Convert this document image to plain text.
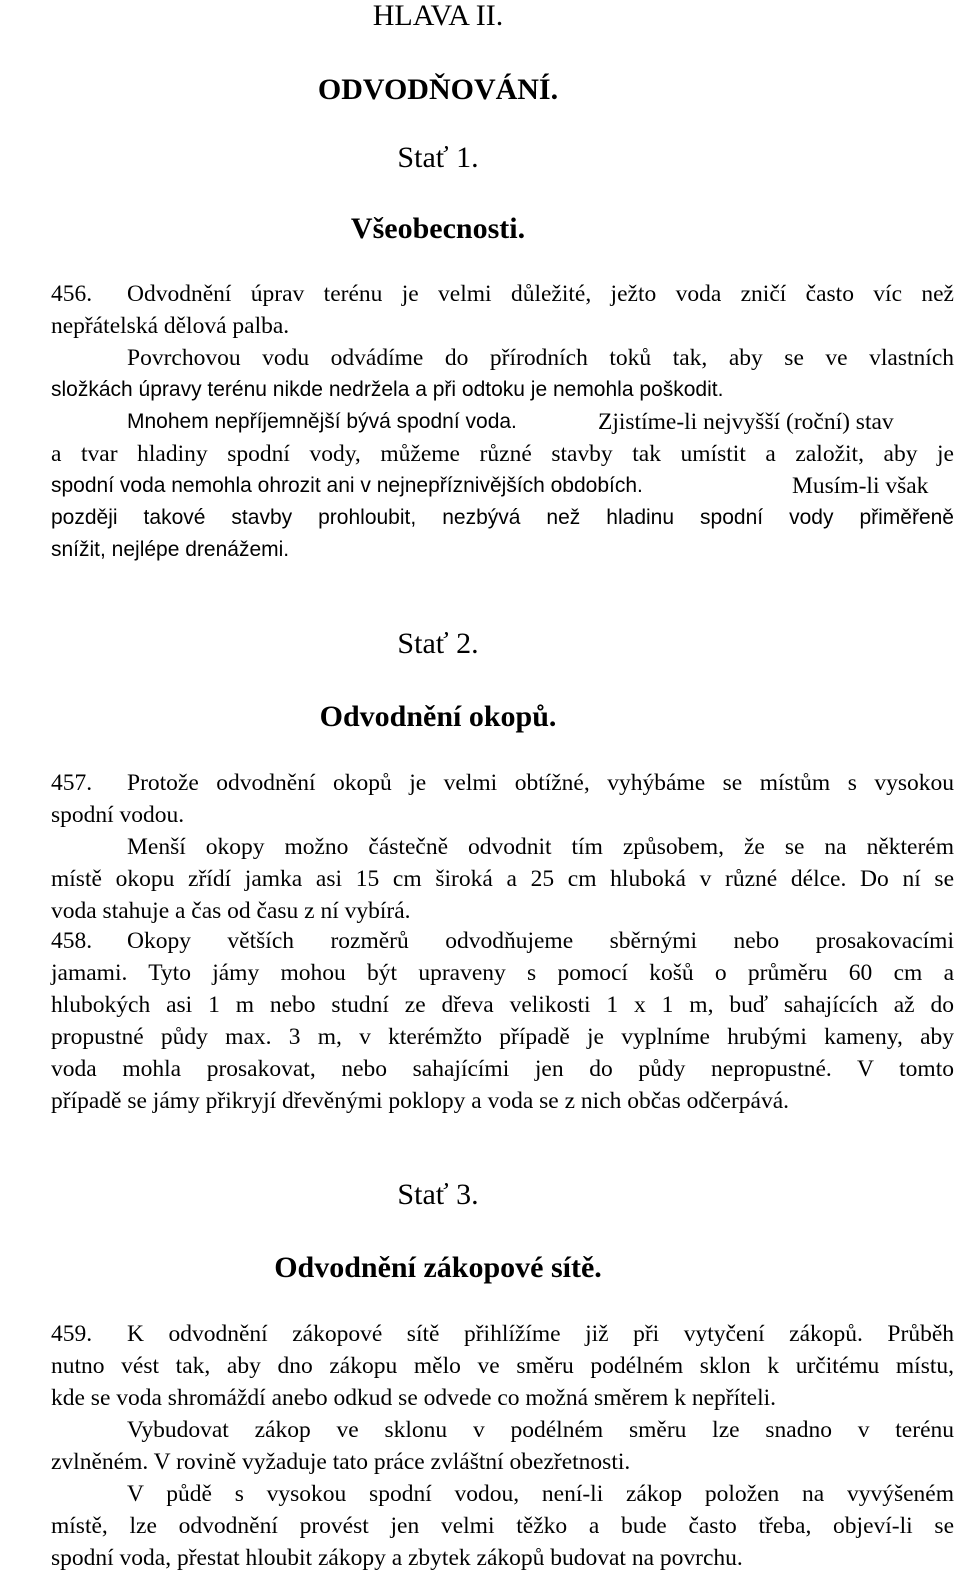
HLAVA II.
ODVODŇOVÁNÍ.
Stať 1.
Všeobecnosti.

456. Odvodnění úprav terénu je velmi důležité, ježto voda zničí často víc než

nepřátelská dělová palba.

Povrchovou vodu odvádíme do přírodních toků tak, aby se ve vlastních

složkách úpravy terénu nikde nedržela a při odtoku je nemohla poškodit.

Mnohem nepříjemnější bývá spodní voda.	Zjistíme-li nejvyšší (roční) stav

a tvar hladiny spodní vody, můžeme různé stavby tak umístit a založit, aby je

spodní voda nemohla ohrozit ani v nejnepříznivějších obdobích.	Musím-li však

později takové stavby prohloubit, nezbývá než hladinu spodní vody přiměřeně

snížit, nejlépe drenážemi.

Stať 2.
Odvodnění okopů.

457. Protože odvodnění okopů je velmi obtížné, vyhýbáme se místům s vysokou

spodní vodou.

Menší okopy možno částečně odvodnit tím způsobem, že se na některém

místě okopu zřídí jamka asi 15 cm široká a 25 cm hluboká v různé délce. Do ní se

voda stahuje a čas od času z ní vybírá.

458. Okopy větších rozměrů odvodňujeme sběrnými nebo prosakovacími

jamami. Tyto jámy mohou být upraveny s pomocí košů o průměru 60 cm a

hlubokých asi 1 m nebo studní ze dřeva velikosti 1 x 1 m, buď sahajících až do

propustné půdy max. 3 m, v kterémžto případě je vyplníme hrubými kameny, aby

voda mohla prosakovat, nebo sahajícími jen do půdy nepropustné. V tomto

případě se jámy přikryjí dřevěnými poklopy a voda se z nich občas odčerpává.

Stať 3.
Odvodnění zákopové sítě.

459. K odvodnění zákopové sítě přihlížíme již při vytyčení zákopů. Průběh

nutno vést tak, aby dno zákopu mělo ve směru podélném sklon k určitému místu,

kde se voda shromáždí anebo odkud se odvede co možná směrem k nepříteli.

Vybudovat zákop ve sklonu v podélném směru lze snadno v terénu

zvlněném. V rovině vyžaduje tato práce zvláštní obezřetnosti.

V půdě s vysokou spodní vodou, není-li zákop položen na vyvýšeném

místě, lze odvodnění provést jen velmi těžko a bude často třeba, objeví-li se

spodní voda, přestat hloubit zákopy a zbytek zákopů budovat na povrchu.
